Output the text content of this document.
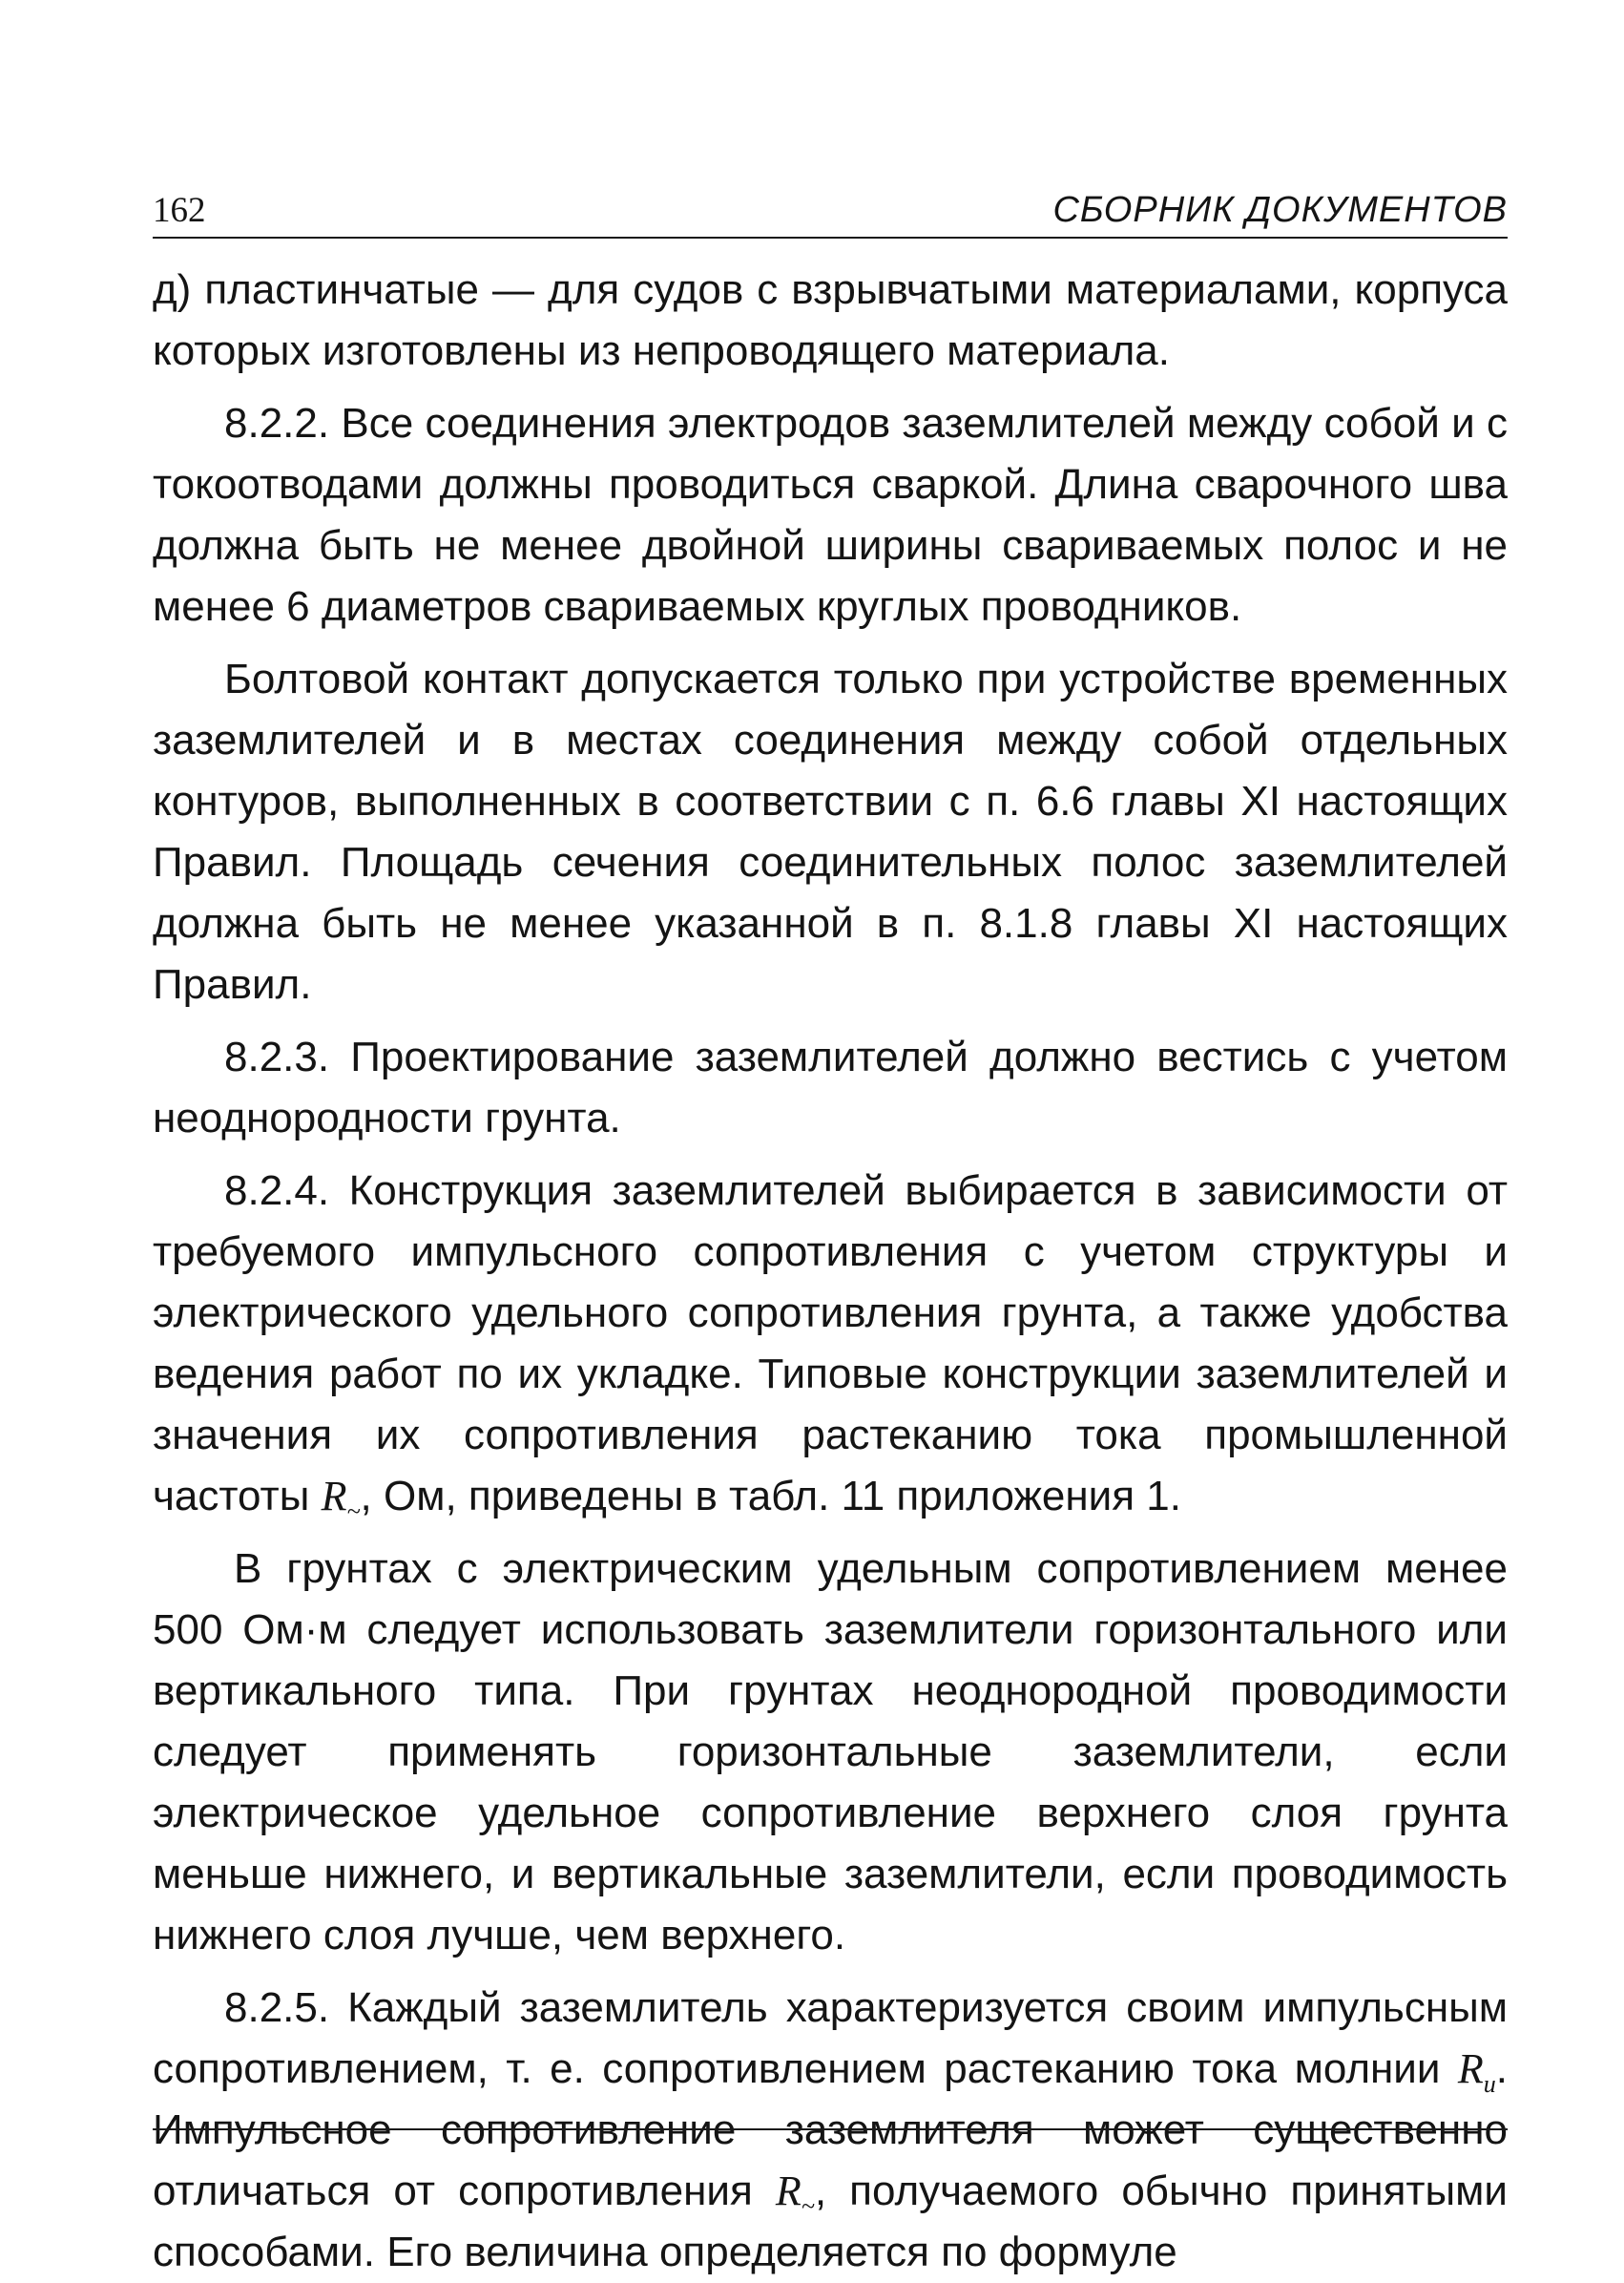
162	СБОРНИК ДОКУМЕНТОВ

д) пластинчатые — для судов с взрывчатыми материалами, корпуса которых изготовлены из непроводящего материала.

8.2.2. Все соединения электродов заземлителей между собой и с токоотводами должны проводиться сваркой. Длина сварочного шва должна быть не менее двойной ширины свариваемых полос и не менее 6 диаметров свариваемых круглых проводников.

Болтовой контакт допускается только при устройстве временных заземлителей и в местах соединения между собой отдельных контуров, выполненных в соответствии с п. 6.6 главы XI настоящих Правил. Площадь сечения соединительных полос заземлителей должна быть не менее указанной в п. 8.1.8 главы XI настоящих Правил.

8.2.3. Проектирование заземлителей должно вестись с учетом неоднородности грунта.

8.2.4. Конструкция заземлителей выбирается в зависимости от требуемого импульсного сопротивления с учетом структуры и электрического удельного сопротивления грунта, а также удобства ведения работ по их укладке. Типовые конструкции заземлителей и значения их сопротивления растеканию тока промышленной частоты $R_\sim$, Ом, приведены в табл. 11 приложения 1.

В грунтах с электрическим удельным сопротивлением менее 500 Ом·м следует использовать заземлители горизонтального или вертикального типа. При грунтах неоднородной проводимости следует применять горизонтальные заземлители, если электрическое удельное сопротивление верхнего слоя грунта меньше нижнего, и вертикальные заземлители, если проводимость нижнего слоя лучше, чем верхнего.

8.2.5. Каждый заземлитель характеризуется своим импульсным сопротивлением, т. е. сопротивлением растеканию тока молнии $R_и$. Импульсное сопротивление заземлителя может существенно отличаться от сопротивления $R_\sim$, получаемого обычно принятыми способами. Его величина определяется по формуле
